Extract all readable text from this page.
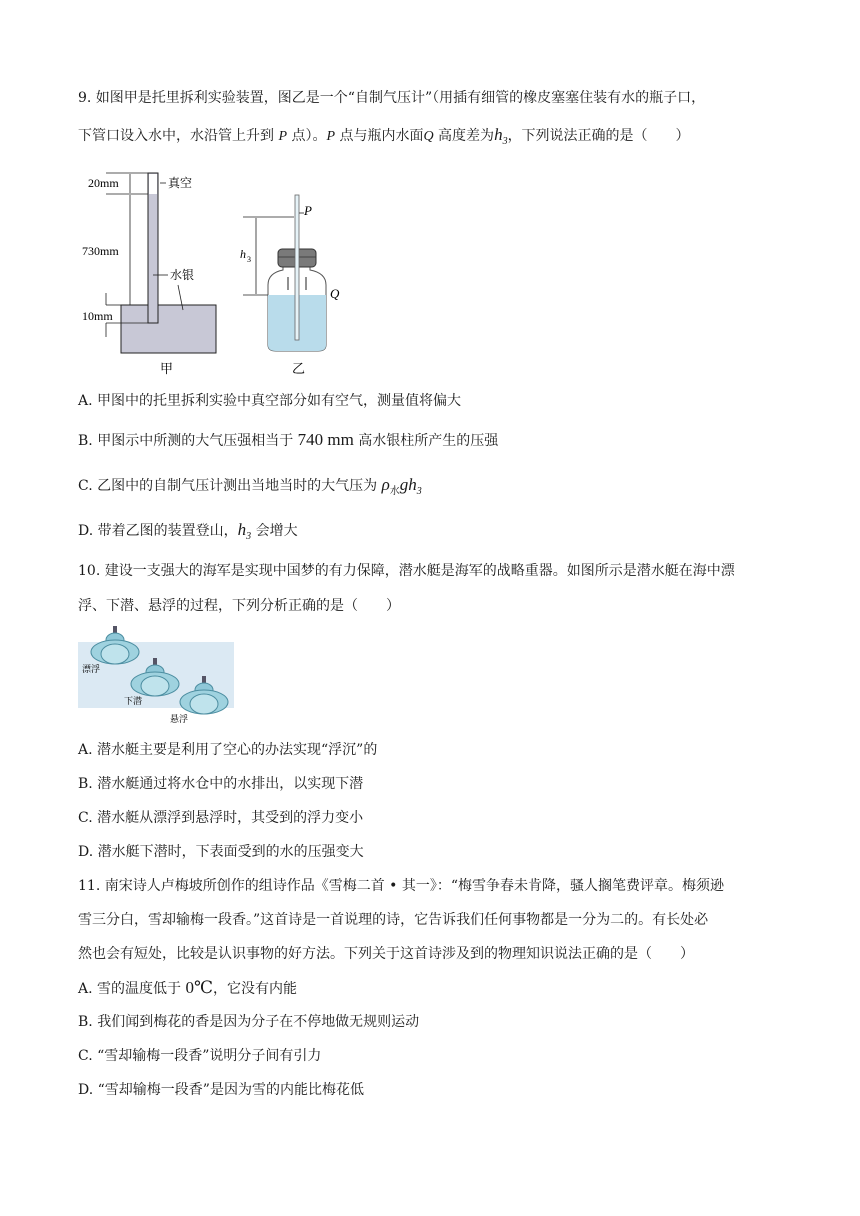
9. 如图甲是托里拆利实验装置，图乙是一个“自制气压计”（用插有细管的橡皮塞塞住装有水的瓶子口，
下管口设入水中，水沿管上升到 P 点）。P 点与瓶内水面Q 高度差为$h_3$，下列说法正确的是（　　）
20mm	真空
730mm
水银
10mm
甲
P
h 3
Q
乙
A. 甲图中的托里拆利实验中真空部分如有空气，测量值将偏大
B. 甲图示中所测的大气压强相当于 740 mm 高水银柱所产生的压强
C. 乙图中的自制气压计测出当地当时的大气压为 $\rho_水gh_3$
D. 带着乙图的装置登山，$h_3$ 会增大
10. 建设一支强大的海军是实现中国梦的有力保障，潜水艇是海军的战略重器。如图所示是潜水艇在海中漂
浮、下潜、悬浮的过程，下列分析正确的是（　　）
漂浮
下潜
悬浮
A. 潜水艇主要是利用了空心的办法实现“浮沉”的
B. 潜水艇通过将水仓中的水排出，以实现下潜
C. 潜水艇从漂浮到悬浮时，其受到的浮力变小
D. 潜水艇下潜时，下表面受到的水的压强变大
11. 南宋诗人卢梅坡所创作的组诗作品《雪梅二首 • 其一》：“梅雪争春未肯降，骚人搁笔费评章。梅须逊
雪三分白，雪却输梅一段香。”这首诗是一首说理的诗，它告诉我们任何事物都是一分为二的。有长处必
然也会有短处，比较是认识事物的好方法。下列关于这首诗涉及到的物理知识说法正确的是（　　）
A. 雪的温度低于 0℃，它没有内能
B. 我们闻到梅花的香是因为分子在不停地做无规则运动
C. “雪却输梅一段香”说明分子间有引力
D. “雪却输梅一段香”是因为雪的内能比梅花低
